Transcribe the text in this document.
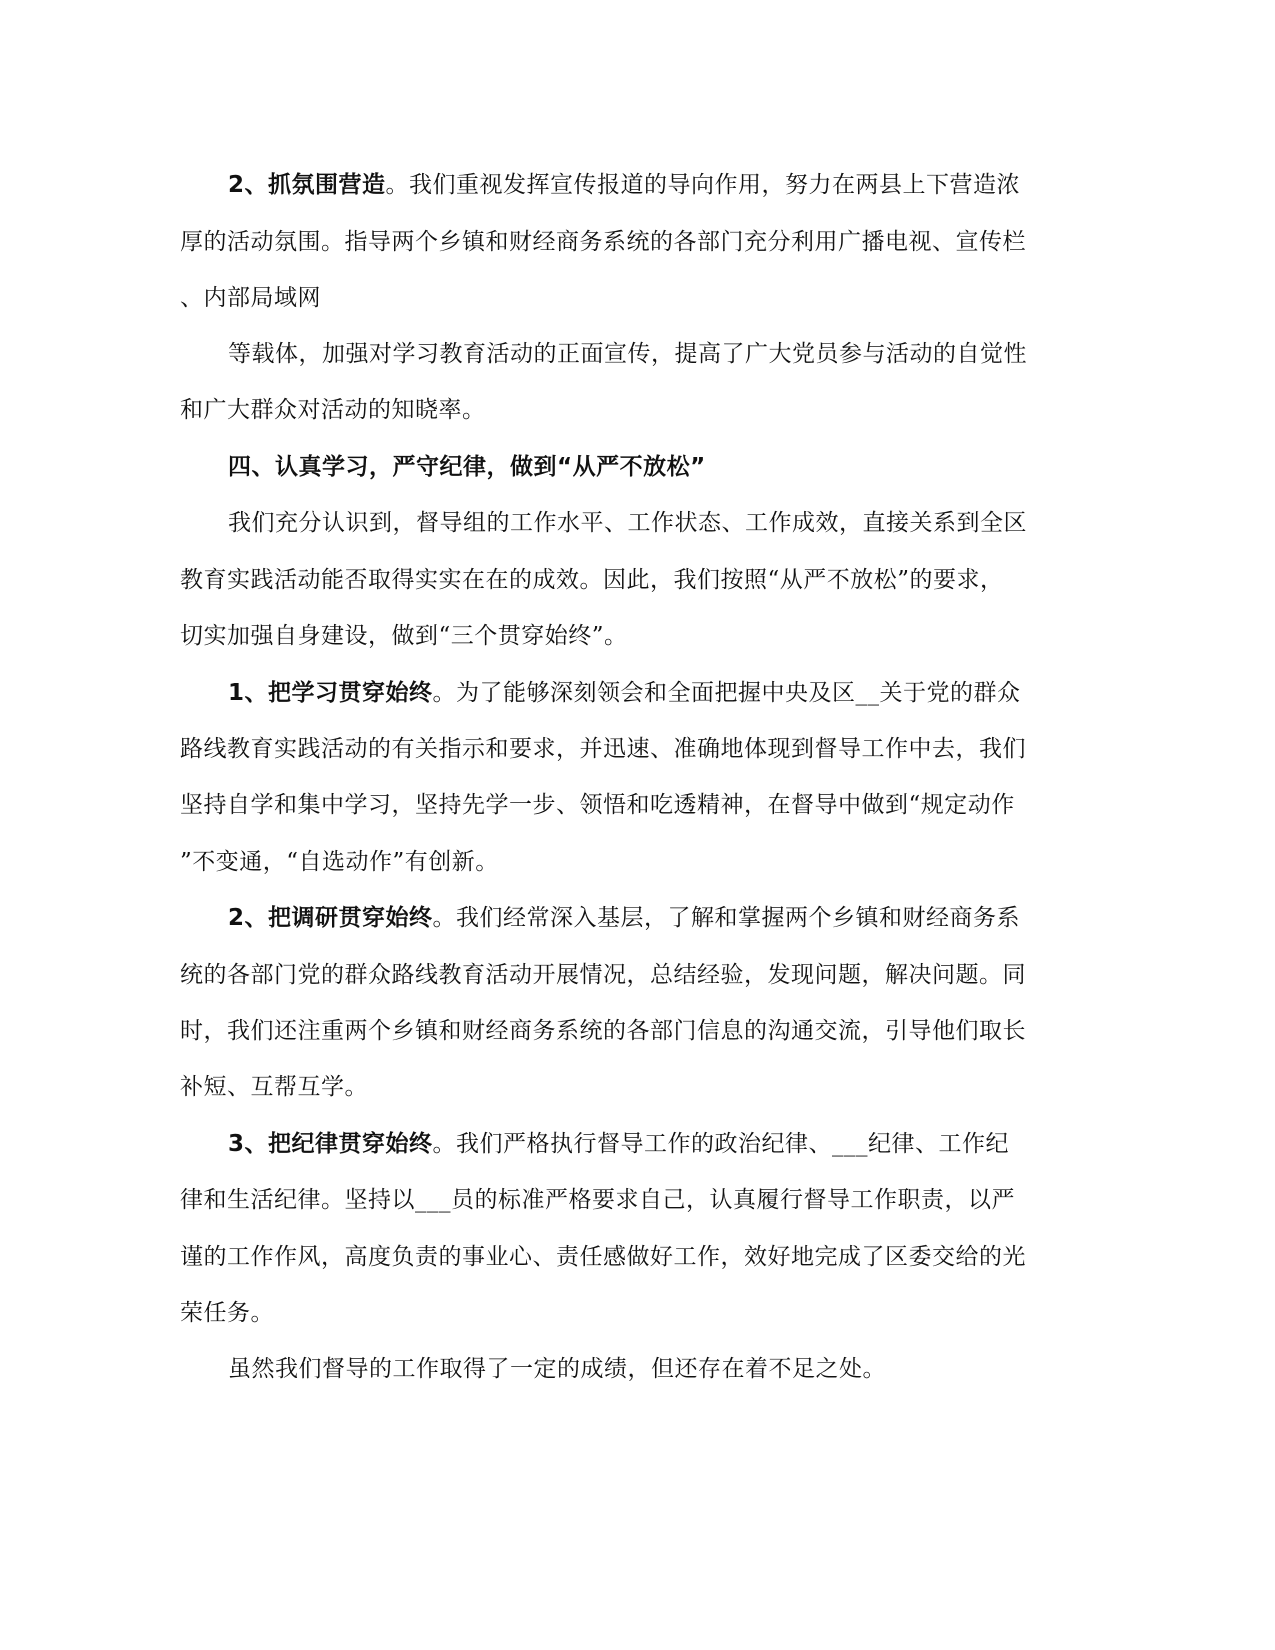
2、抓氛围营造。我们重视发挥宣传报道的导向作用，努力在两县上下营造浓
厚的活动氛围。指导两个乡镇和财经商务系统的各部门充分利用广播电视、宣传栏
、内部局域网
等载体，加强对学习教育活动的正面宣传，提高了广大党员参与活动的自觉性
和广大群众对活动的知晓率。
四、认真学习，严守纪律，做到“从严不放松”
我们充分认识到，督导组的工作水平、工作状态、工作成效，直接关系到全区
教育实践活动能否取得实实在在的成效。因此，我们按照“从严不放松”的要求，
切实加强自身建设，做到“三个贯穿始终”。
1、把学习贯穿始终。为了能够深刻领会和全面把握中央及区__关于党的群众
路线教育实践活动的有关指示和要求，并迅速、准确地体现到督导工作中去，我们
坚持自学和集中学习，坚持先学一步、领悟和吃透精神，在督导中做到“规定动作
”不变通，“自选动作”有创新。
2、把调研贯穿始终。我们经常深入基层，了解和掌握两个乡镇和财经商务系
统的各部门党的群众路线教育活动开展情况，总结经验，发现问题，解决问题。同
时，我们还注重两个乡镇和财经商务系统的各部门信息的沟通交流，引导他们取长
补短、互帮互学。
3、把纪律贯穿始终。我们严格执行督导工作的政治纪律、___纪律、工作纪
律和生活纪律。坚持以___员的标准严格要求自己，认真履行督导工作职责，以严
谨的工作作风，高度负责的事业心、责任感做好工作，效好地完成了区委交给的光
荣任务。
虽然我们督导的工作取得了一定的成绩，但还存在着不足之处。
